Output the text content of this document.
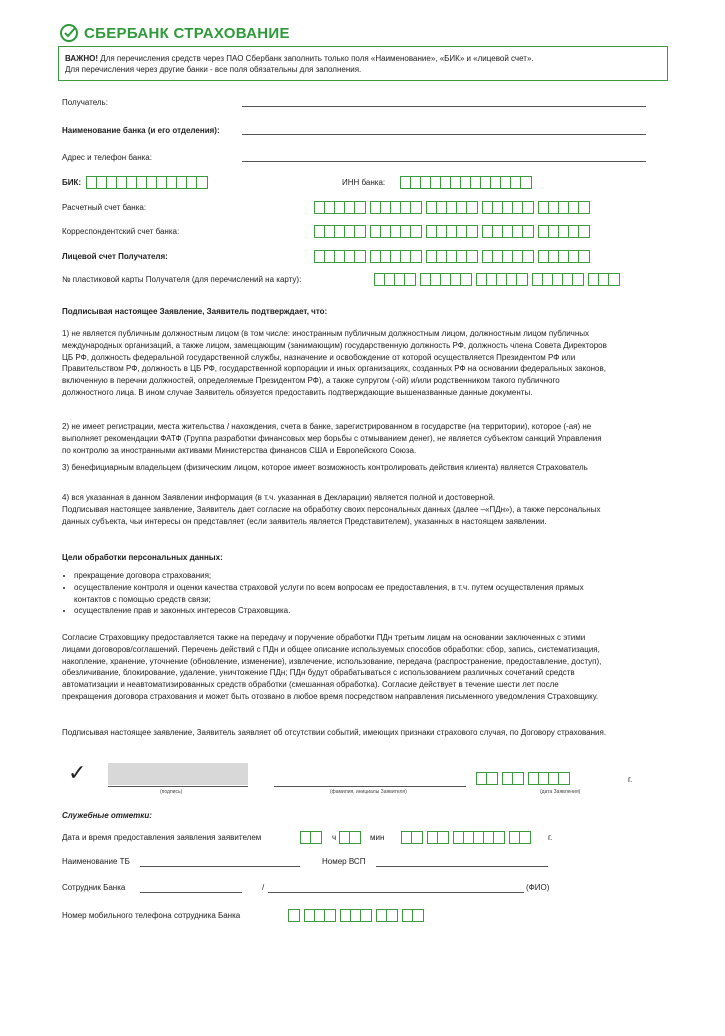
СБЕРБАНК СТРАХОВАНИЕ
ВАЖНО! Для перечисления средств через ПАО Сбербанк заполнить только поля «Наименование», «БИК» и «лицевой счет».
Для перечисления через другие банки - все поля обязательны для заполнения.
Получатель:
Наименование банка (и его отделения):
Адрес и телефон банка:
БИК:	ИНН банка:
Расчетный счет банка:
Корреспондентский счет банка:
Лицевой счет Получателя:
№ пластиковой карты Получателя (для перечислений на карту):
Подписывая настоящее Заявление, Заявитель подтверждает, что:
1) не является публичным должностным лицом (в том числе: иностранным публичным должностным лицом, должностным лицом публичных международных организаций, а также лицом, замещающим (занимающим) государственную должность РФ, должность члена Совета Директоров ЦБ РФ, должность федеральной государственной службы, назначение и освобождение от которой осуществляется Президентом РФ или Правительством РФ, должность в ЦБ РФ, государственной корпорации и иных организациях, созданных РФ на основании федеральных законов, включенную в перечни должностей, определяемые Президентом РФ), а также супругом (-ой) и/или родственником такого публичного должностного лица. В ином случае Заявитель обязуется предоставить подтверждающие вышеназванные данные документы.
2) не имеет регистрации, места жительства / нахождения, счета в банке, зарегистрированном в государстве (на территории), которое (-ая) не выполняет рекомендации ФАТФ (Группа разработки финансовых мер борьбы с отмыванием денег), не является субъектом санкций Управления по контролю за иностранными активами Министерства финансов США и Европейского Союза.
3) бенефициарным владельцем (физическим лицом, которое имеет возможность контролировать действия клиента) является Страхователь
4) вся указанная в данном Заявлении информация (в т.ч. указанная в Декларации) является полной и достоверной.
Подписывая настоящее заявление, Заявитель дает согласие на обработку своих персональных данных (далее –«ПДн»), а также персональных данных субъекта, чьи интересы он представляет (если заявитель является Представителем), указанных в настоящем заявлении.
Цели обработки персональных данных:
• прекращение договора страхования;
• осуществление контроля и оценки качества страховой услуги по всем вопросам ее предоставления, в т.ч. путем осуществления прямых контактов с помощью средств связи;
• осуществление прав и законных интересов Страховщика.
Согласие Страховщику предоставляется также на передачу и поручение обработки ПДн третьим лицам на основании заключенных с этими лицами договоров/соглашений. Перечень действий с ПДн и общее описание используемых способов обработки: сбор, запись, систематизация, накопление, хранение, уточнение (обновление, изменение), извлечение, использование, передача (распространение, предоставление, доступ), обезличивание, блокирование, удаление, уничтожение ПДн; ПДн будут обрабатываться с использованием различных сочетаний средств автоматизации и неавтоматизированных средств обработки (смешанная обработка). Согласие действует в течение шести лет после прекращения договора страхования и может быть отозвано в любое время посредством направления письменного уведомления Страховщику.
Подписывая настоящее заявление, Заявитель заявляет об отсутствии событий, имеющих признаки страхового случая, по Договору страхования.
✓
(подпись)	(фамилия, инициалы Заявителя)
г.
(дата Заявления)
Служебные отметки:
Дата и время предоставления заявления заявителем	ч	мин	г.
Наименование ТБ	Номер ВСП
Сотрудник Банка	/	(ФИО)
Номер мобильного телефона сотрудника Банка
